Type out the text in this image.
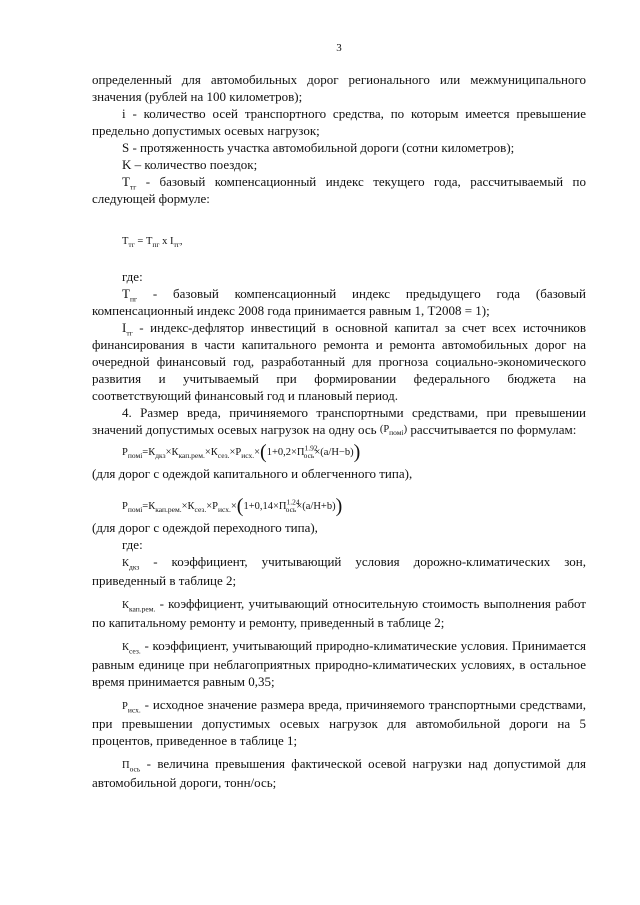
3

определенный для автомобильных дорог регионального или межмуниципального значения (рублей на 100 километров);

i - количество осей транспортного средства, по которым имеется превышение предельно допустимых осевых нагрузок;

S - протяженность участка автомобильной дороги (сотни километров);

K – количество поездок;

$Т_{тг}$ - базовый компенсационный индекс текущего года, рассчитываемый по следующей формуле:

$Т_{тг} = Т_{пг}$ x $I_{тг}$,

где:

$Т_{пг}$ - базовый компенсационный индекс предыдущего года (базовый компенсационный индекс 2008 года принимается равным 1, Т2008 = 1);

$I_{тг}$ - индекс-дефлятор инвестиций в основной капитал за счет всех источников финансирования в части капитального ремонта и ремонта автомобильных дорог на очередной финансовый год, разработанный для прогноза социально-экономического развития и учитываемый при формировании федерального бюджета на соответствующий финансовый год и плановый период.

4. Размер вреда, причиняемого транспортными средствами, при превышении значений допустимых осевых нагрузок на одну ось $(Р_{помі})$ рассчитывается по формулам:

$Р_{помі}=К_{дкз}\times К_{кап.рем.}\times К_{сез.}\times Р_{исх.}\times(1+0,2\times П^{1.92}_{ось}\times(a/H-b))$

(для дорог с одеждой капитального и облегченного типа),

$Р_{помі}=К_{кап.рем.}\times К_{сез.}\times Р_{исх.}\times(1+0,14\times П^{1.24}_{ось}\times(a/H+b))$

(для дорог с одеждой переходного типа),

где:

$К_{дкз}$ - коэффициент, учитывающий условия дорожно-климатических зон, приведенный в таблице 2;

$К_{кап.рем.}$ - коэффициент, учитывающий относительную стоимость выполнения работ по капитальному ремонту и ремонту, приведенный в таблице 2;

$К_{сез.}$ - коэффициент, учитывающий природно-климатические условия. Принимается равным единице при неблагоприятных природно-климатических условиях, в остальное время принимается равным 0,35;

$Р_{исх.}$ - исходное значение размера вреда, причиняемого транспортными средствами, при превышении допустимых осевых нагрузок для автомобильной дороги на 5 процентов, приведенное в таблице 1;

$П_{ось}$ - величина превышения фактической осевой нагрузки над допустимой для автомобильной дороги, тонн/ось;
